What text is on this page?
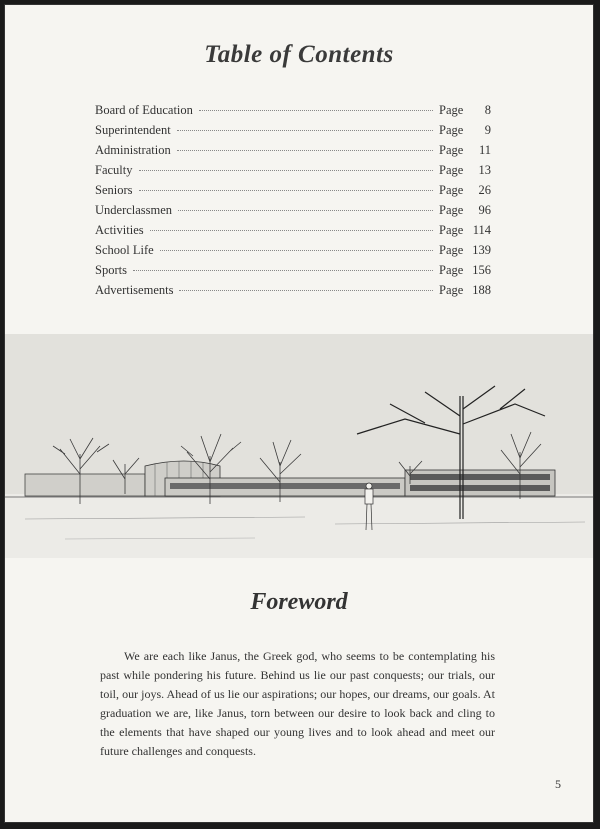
Table of Contents
Board of Education	Page	8
Superintendent	Page	9
Administration	Page	11
Faculty	Page	13
Seniors	Page	26
Underclassmen	Page	96
Activities	Page 114
School Life	Page 139
Sports	Page 156
Advertisements	Page 188
Foreword

We are each like Janus, the Greek god, who seems to be contemplating his past while pondering his future. Behind us lie our past conquests; our trials, our toil, our joys. Ahead of us lie our aspirations; our hopes, our dreams, our goals. At graduation we are, like Janus, torn between our desire to look back and cling to the elements that have shaped our young lives and to look ahead and meet our future challenges and conquests.

5
